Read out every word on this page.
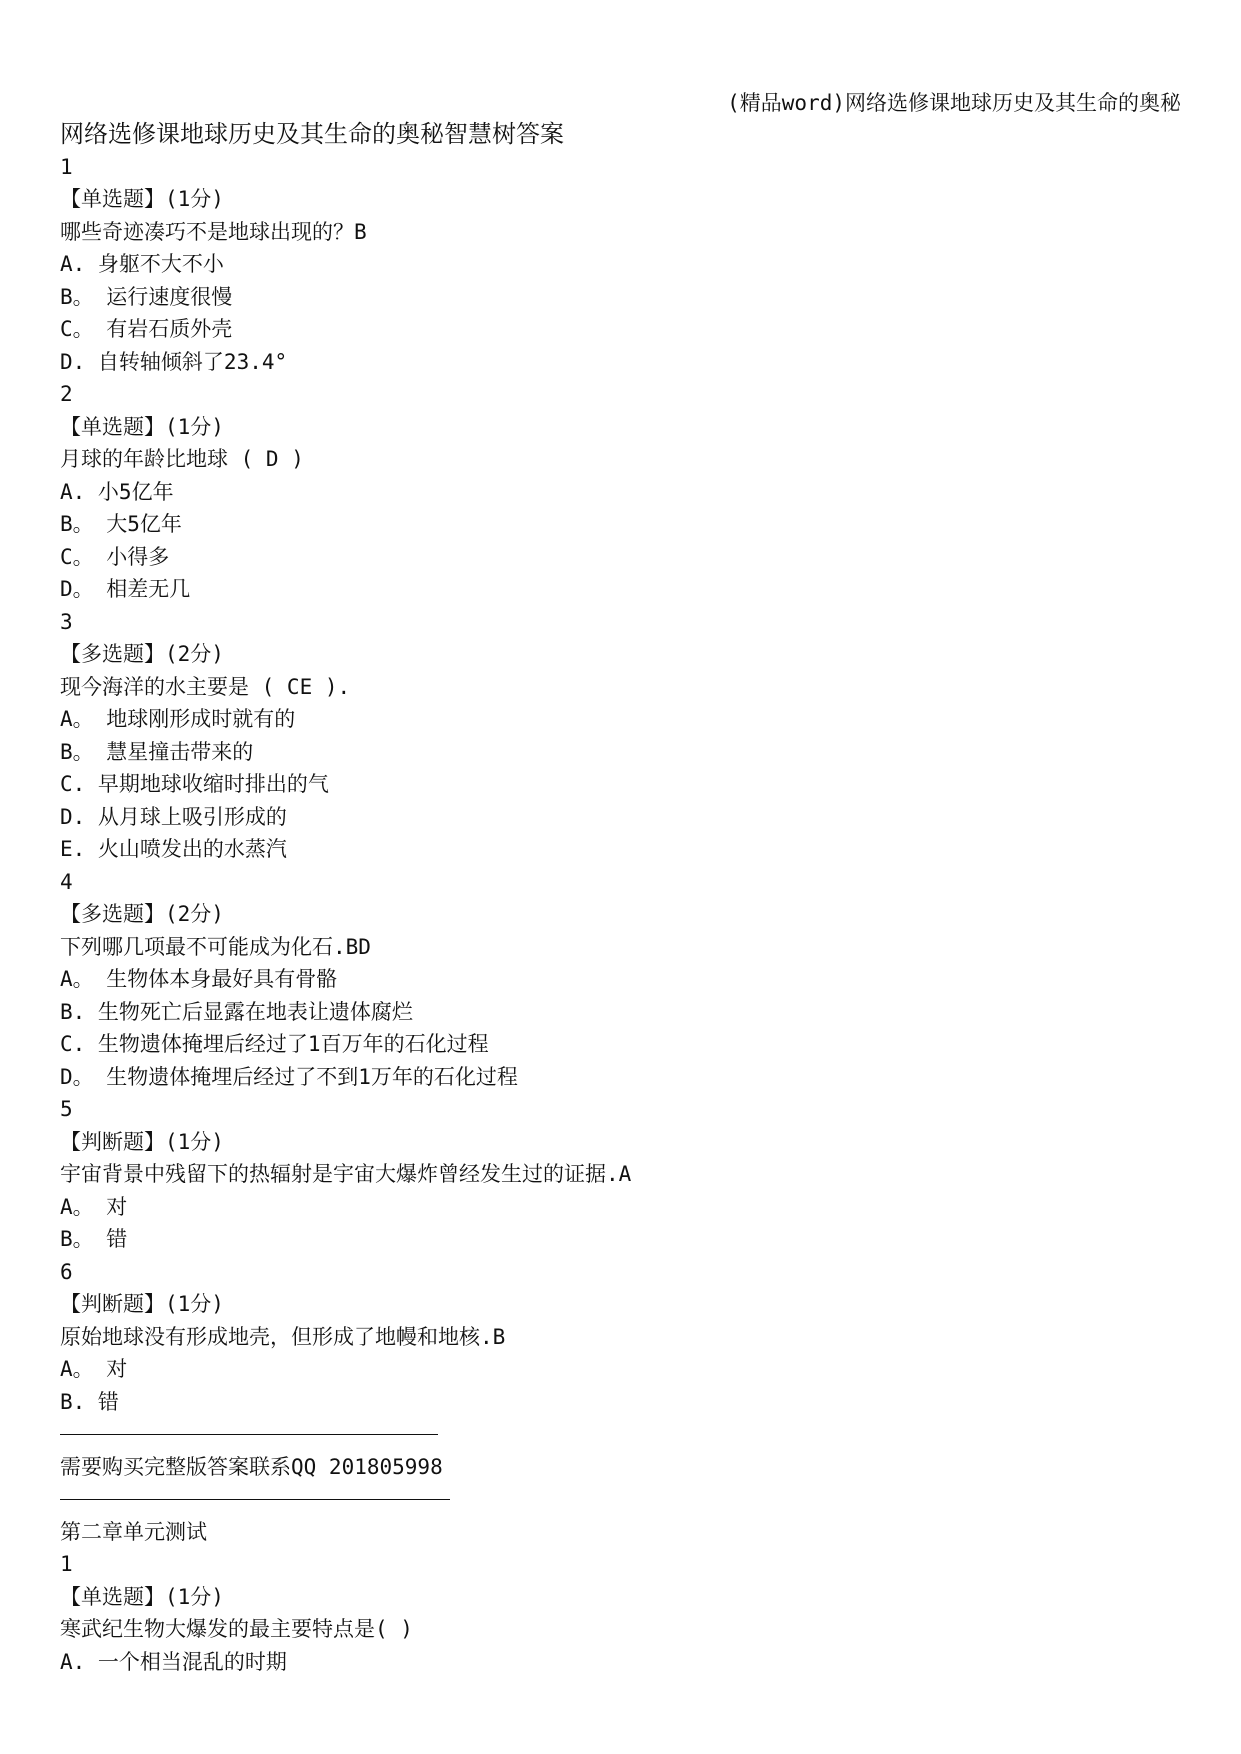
(精品word)网络选修课地球历史及其生命的奥秘
网络选修课地球历史及其生命的奥秘智慧树答案
1
【单选题】(1分)
哪些奇迹凑巧不是地球出现的？B
A. 身躯不大不小
B。 运行速度很慢
C。 有岩石质外壳
D. 自转轴倾斜了23.4°
2
【单选题】(1分)
月球的年龄比地球 ( D )
A. 小5亿年
B。 大5亿年
C。 小得多
D。 相差无几
3
【多选题】(2分)
现今海洋的水主要是 ( CE ).
A。 地球刚形成时就有的
B。 慧星撞击带来的
C. 早期地球收缩时排出的气
D. 从月球上吸引形成的
E. 火山喷发出的水蒸汽
4
【多选题】(2分)
下列哪几项最不可能成为化石.BD
A。 生物体本身最好具有骨骼
B. 生物死亡后显露在地表让遗体腐烂
C. 生物遗体掩埋后经过了1百万年的石化过程
D。 生物遗体掩埋后经过了不到1万年的石化过程
5
【判断题】(1分)
宇宙背景中残留下的热辐射是宇宙大爆炸曾经发生过的证据.A
A。 对
B。 错
6
【判断题】(1分)
原始地球没有形成地壳，但形成了地幔和地核.B
A。 对
B. 错
需要购买完整版答案联系QQ 201805998
第二章单元测试
1
【单选题】(1分)
寒武纪生物大爆发的最主要特点是( )
A. 一个相当混乱的时期
